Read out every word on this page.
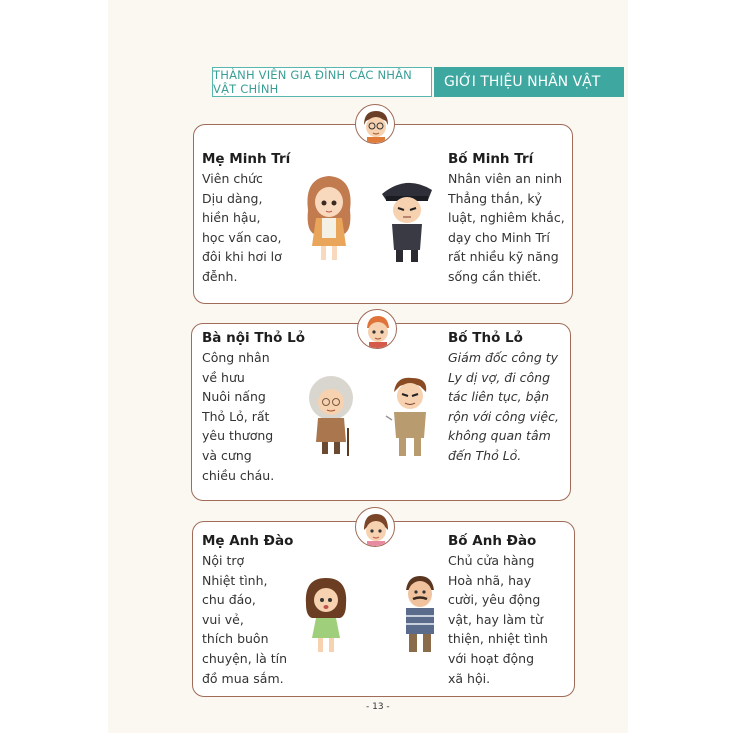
THÀNH VIÊN GIA ĐÌNH CÁC NHÂN VẬT CHÍNH	GIỚI THIỆU NHÂN VẬT
Mẹ Minh Trí
Viên chức
Dịu dàng,
hiền hậu,
học vấn cao,
đôi khi hơi lơ
đễnh.
Bố Minh Trí
Nhân viên an ninh
Thẳng thắn, kỷ
luật, nghiêm khắc,
dạy cho Minh Trí
rất nhiều kỹ năng
sống cần thiết.
Bà nội Thỏ Lỏ
Công nhân
về hưu
Nuôi nấng
Thỏ Lỏ, rất
yêu thương
và cưng
chiều cháu.
Bố Thỏ Lỏ
Giám đốc công ty
Ly dị vợ, đi công
tác liên tục, bận
rộn với công việc,
không quan tâm
đến Thỏ Lỏ.
Mẹ Anh Đào
Nội trợ
Nhiệt tình,
chu đáo,
vui vẻ,
thích buôn
chuyện, là tín
đồ mua sắm.
Bố Anh Đào
Chủ cửa hàng
Hoà nhã, hay
cười, yêu động
vật, hay làm từ
thiện, nhiệt tình
với hoạt động
xã hội.
- 13 -
